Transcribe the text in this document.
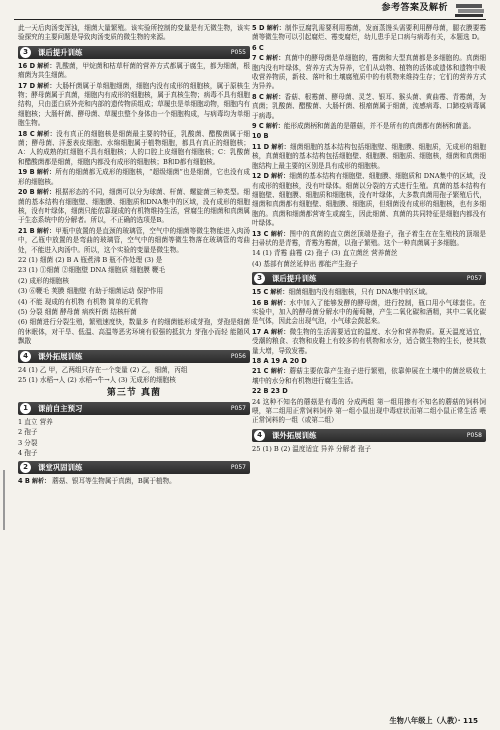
参考答案及解析

此一天后肉汤变浑浊，细菌大量繁殖。该实验所控制的变量是有无微生物，该实验探究的主要问题是导致肉汤变质的微生物的来源。

3	课后提升训练	P055

16 D 解析：乳酸菌，甲烷菌和枯草杆菌的营养方式都属于腐生，都为细菌，根瘤菌为共生细菌。

17 D 解析：大肠杆菌属于单细胞细菌，细胞内没有成形的细胞核，属于原核生物；酵母菌属于真菌，细胞内有成形的细胞核，属于真核生物；病毒不具有细胞结构，只由蛋白质外壳和内部的遗传物质组成；草履虫是单细胞动物，细胞内有细胞核；大肠杆菌、酵母菌、草履虫整个身体由一个细胞构成，与病毒均为单细胞生物。

18 C 解析：没有真正的细胞核是细菌最主要的特征，乳酸菌、醋酸菌属于细菌；酵母菌、洋葱表皮细胞、水绵细胞属于植物细胞，都具有真正的细胞核；A：人的成熟的红细胞不具有细胞核；人的口腔上皮细胞有细胞核；C：乳酸菌和醋酸菌都是细菌，细胞内都没有成形的细胞核；B和D都有细胞核。

19 B 解析：所有的细菌都无成形的细胞核，“超级细菌”也是细菌，它也没有成形的细胞核。

20 B 解析：根据形态的不同，细菌可以分为球菌、杆菌、螺旋菌三种类型。细菌的基本结构有细胞壁、细胞膜、细胞质和DNA集中的区域，没有成形的细胞核，没有叶绿体，细菌只能依靠现成的有机物维持生活，营腐生的细菌和真菌属于生态系统中的分解者。所以，不正确的选项是B。

21 B 解析：甲瓶中放置的是直颈的玻璃管，空气中的细菌等微生物能进入肉汤中，乙瓶中放置的是弯曲的玻璃管，空气中的细菌等微生物落在玻璃管的弯曲处，不能进入肉汤中。所以，这个实验的变量是微生物。

22 (1) 细菌 (2) B A 瓶煮沸 B 瓶不作处理 (3) 是

23 (1) ①细菌 ②细胞壁 DNA 细胞质 细胞膜 鞭毛

(2) 成形的细胞核

(3) ⑥鞭毛 荚膜 细胞壁 有助于细菌运动 保护作用

(4) 不能 现成的有机物 有机物 简单的无机物

(5) 分裂 细菌 酵母菌 病疾杆菌 结核杆菌

(6) 细菌进行分裂生殖，繁殖速度快，数量多 有的细菌能形成芽孢，芽孢是细菌的休眠体，对干旱、低温、高温等恶劣环境有很强的抵抗力 芽孢小而轻 能随风飘散

4	课外拓展训练	P056

24 (1) 乙 甲，乙两组只存在一个变量 (2) 乙，细菌，丙组

25 (1) 水稻→人 (2) 水稻→牛→人 (3) 无成形的细胞核

第三节 真菌
1	课前自主预习	P057

1 直立 营养

2 孢子

3 分裂

4 孢子

2	课堂巩固训练	P057

4 B 解析： 蘑菇、银耳等生物属于真菌，B属于植物。

5 D 解析：制作豆腐乳需要利用霉菌，发面蒸馒头需要利用酵母菌，腿衣膜要霉菌等微生物可以引起腐烂、霉变腐烂，幼儿患手足口病与病毒有关，本题选 D。

6 C

7 C 解析：真菌中的酵母菌是单细胞的，霉菌和大型真菌都是多细胞的。真菌细胞内没有叶绿体，营养方式为异养，它们从动物、植物的活体或遗体和遗物中吸收营养物质，新枝、落叶和土壤腐殖质中的有机物来维持生存；它们的营养方式为异养。

8 C 解析：香菇、根霉菌、酵母菌、灵芝、银耳、猴头菌、黄曲霉、青霉菌，为真菌；乳酸菌、醋酸菌、大肠杆菌、根瘤菌属于细菌，流感病毒、口蹄疫病毒属于病毒。

9 C 解析：能形成菌柄和菌盖的是蘑菇，并不是所有的真菌都有菌柄和菌盖。

10 B

11 D 解析：细菌细胞的基本结构包括细胞壁、细胞膜、细胞质，无成形的细胞核，真菌细胞的基本结构包括细胞壁、细胞膜、细胞质、细胞核，细菌和真菌细胞结构上最主要的区别是具有成形的细胞核。

12 D 解析：细菌的基本结构有细胞壁、细胞膜、细胞质和 DNA集中的区域，没有成形的细胞核，没有叶绿体。细菌以分裂的方式进行生殖。真菌的基本结构有细胞壁、细胞膜、细胞质和细胞核，没有叶绿体，大多数真菌用孢子繁殖后代，细菌和真菌都有细胞壁、细胞膜、细胞质，但细菌没有成形的细胞核，也有多细胞的。真菌和细菌都营寄生或腐生，因此细菌、真菌的共同特征是细胞内都没有叶绿体。

13 C 解析：图中的真菌的直立菌丝顶端是孢子，孢子着生在在生殖枝的顶端是扫帚状的是青霉，青霉为霉菌，以孢子繁殖。这个一种真菌属于多细胞。

14 (1) 青霉 曲霉 (2) 孢子 (3) 直立菌丝 营养菌丝

(4) 基部有菌丝延伸出 都能产生孢子

3	课后提升训练	P057

15 C 解析：细菌细胞内没有细胞核，只有 DNA集中的区域。

16 B 解析：水中加入了能够发酵的酵母菌，进行控制，瓶口用小气球套住。在实验中，加入的酵母菌分解水中的葡萄糖，产生二氧化碳和酒精，其中二氧化碳是气体，因此会出现气泡，小气球会鼓起来。

17 A 解析：微生物的生活需要适宜的温度、水分和营养物质。夏天温度适宜，受潮的粮食、衣物和皮鞋上有较多的有机物和水分，适合微生物的生长，使其数量大增，导致发霉。

18 A 19 A 20 D

21 C 解析：蘑菇主要依靠产生孢子进行繁殖，依靠伸展在土壤中的菌丝吸收土壤中的水分和有机物进行腐生生活。

22 B 23 D

24 这种不知名的蘑菇是有毒的 分成两组 第一组用掺有不知名的蘑菇的饲料饲喂，第二组用正常饲料饲养 第一组小鼠出现中毒症状而第二组小鼠正常生活 喂正常饲料的一组（或第二组）

4	课外拓展训练	P058

25 (1) B (2) 温度适宜 异养 分解者 孢子

生物八年级上（人教）· 115
